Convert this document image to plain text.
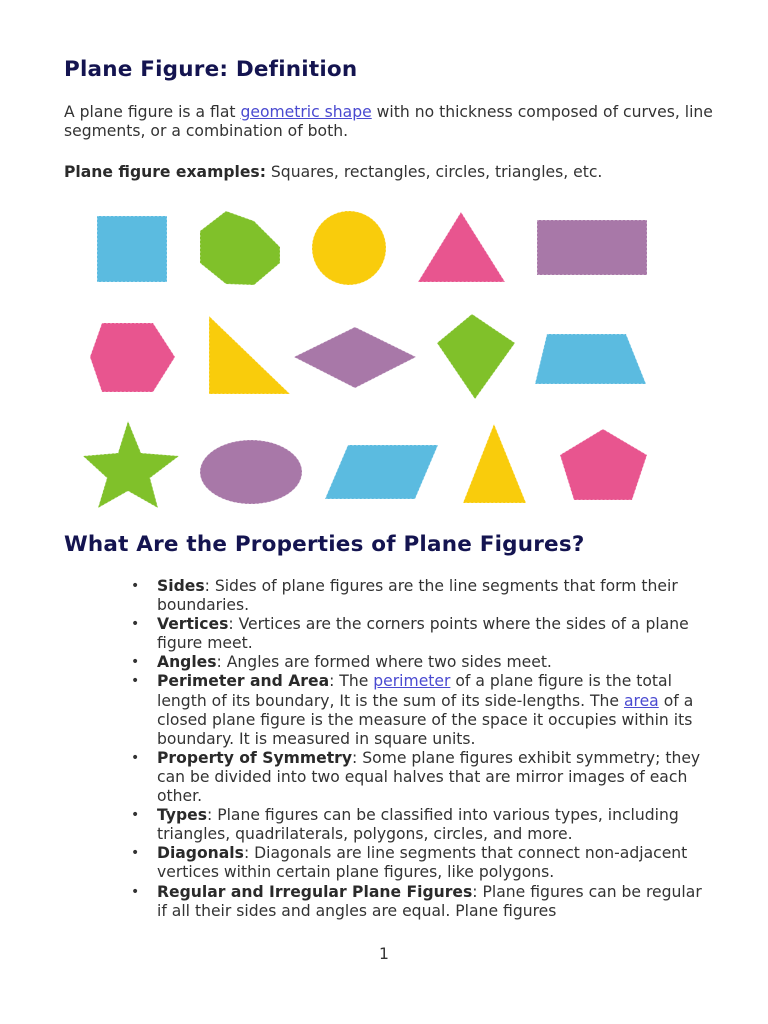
Plane Figure: Definition

A plane figure is a flat geometric shape with no thickness composed of curves, line segments, or a combination of both.

Plane figure examples: Squares, rectangles, circles, triangles, etc.

What Are the Properties of Plane Figures?
• Sides: Sides of plane figures are the line segments that form their boundaries.
• Vertices: Vertices are the corners points where the sides of a plane figure meet.
• Angles: Angles are formed where two sides meet.
• Perimeter and Area: The perimeter of a plane figure is the total length of its boundary, It is the sum of its side-lengths. The area of a closed plane figure is the measure of the space it occupies within its boundary. It is measured in square units.
• Property of Symmetry: Some plane figures exhibit symmetry; they can be divided into two equal halves that are mirror images of each other.
• Types: Plane figures can be classified into various types, including triangles, quadrilaterals, polygons, circles, and more.
• Diagonals: Diagonals are line segments that connect non-adjacent vertices within certain plane figures, like polygons.
• Regular and Irregular Plane Figures: Plane figures can be regular if all their sides and angles are equal. Plane figures
1
